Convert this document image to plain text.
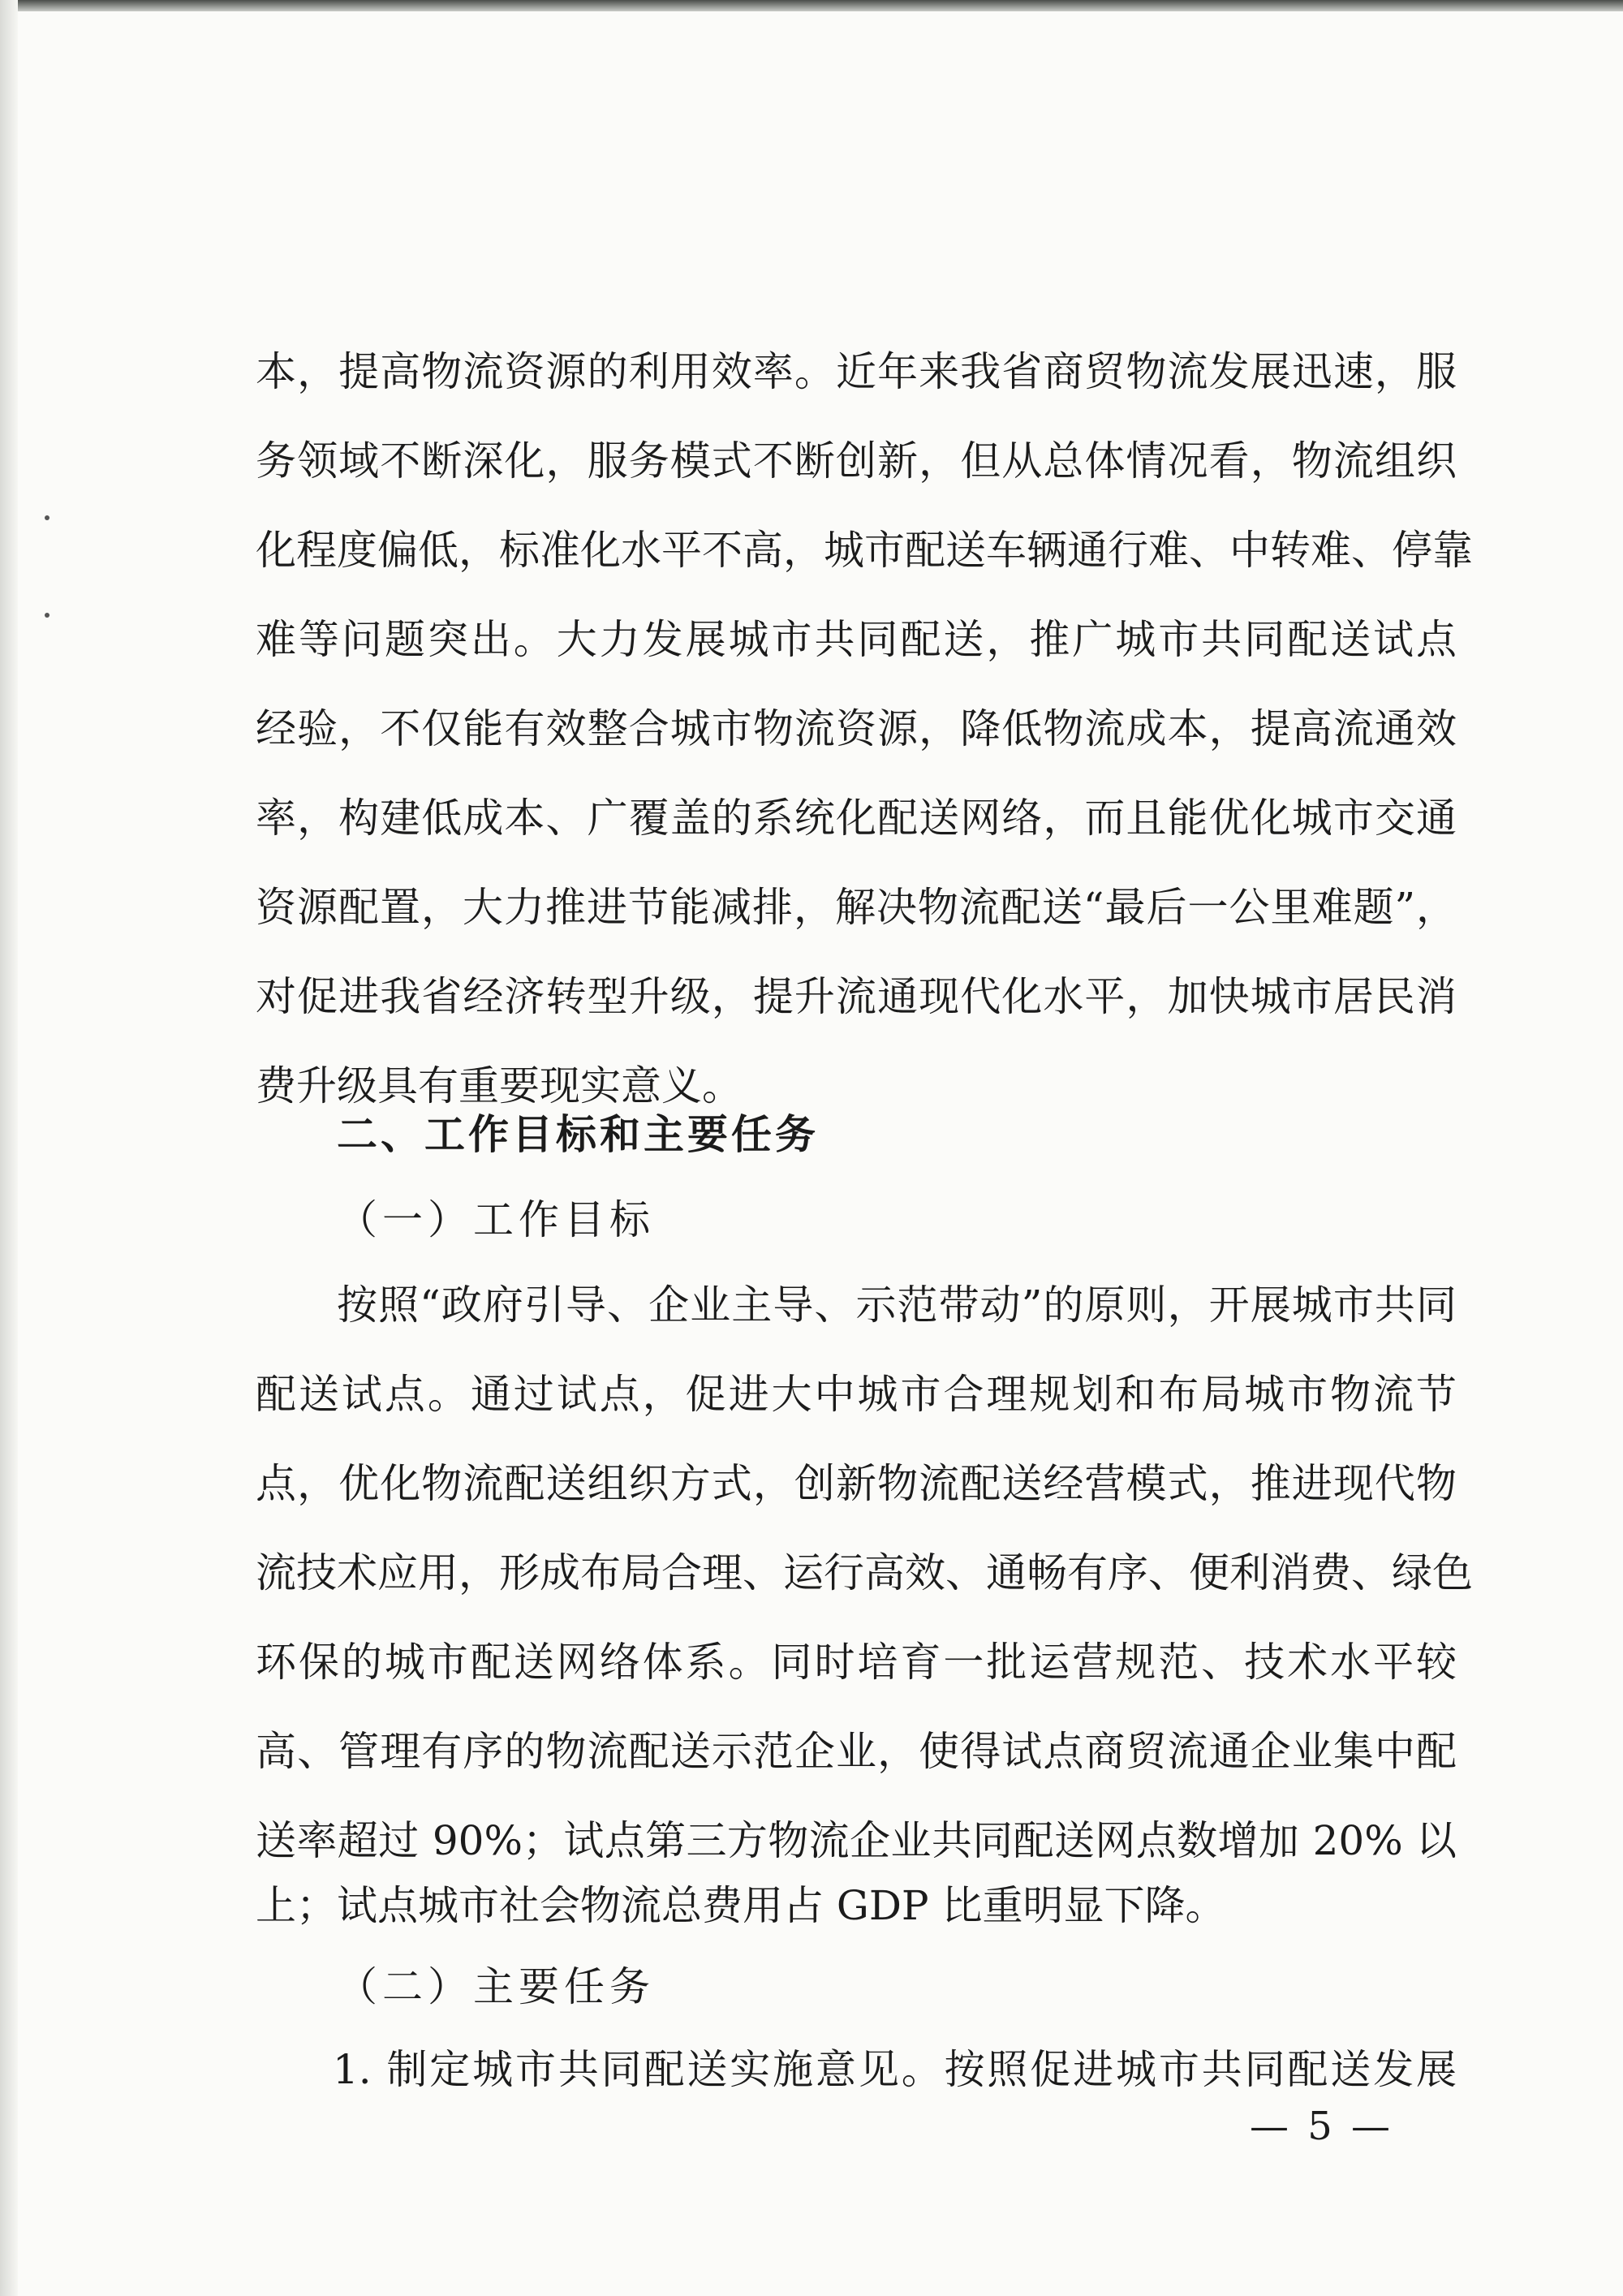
本，提高物流资源的利用效率。近年来我省商贸物流发展迅速，服
务领域不断深化，服务模式不断创新，但从总体情况看，物流组织
化程度偏低，标准化水平不高，城市配送车辆通行难、中转难、停靠
难等问题突出。大力发展城市共同配送，推广城市共同配送试点
经验，不仅能有效整合城市物流资源，降低物流成本，提高流通效
率，构建低成本、广覆盖的系统化配送网络，而且能优化城市交通
资源配置，大力推进节能减排，解决物流配送“最后一公里难题”，
对促进我省经济转型升级，提升流通现代化水平，加快城市居民消
费升级具有重要现实意义。
二、工作目标和主要任务
（一）工作目标
按照“政府引导、企业主导、示范带动”的原则，开展城市共同
配送试点。通过试点，促进大中城市合理规划和布局城市物流节
点，优化物流配送组织方式，创新物流配送经营模式，推进现代物
流技术应用，形成布局合理、运行高效、通畅有序、便利消费、绿色
环保的城市配送网络体系。同时培育一批运营规范、技术水平较
高、管理有序的物流配送示范企业，使得试点商贸流通企业集中配
送率超过 90%；试点第三方物流企业共同配送网点数增加 20% 以
上；试点城市社会物流总费用占 GDP 比重明显下降。
（二）主要任务
1. 制定城市共同配送实施意见。按照促进城市共同配送发展
— 5 —
